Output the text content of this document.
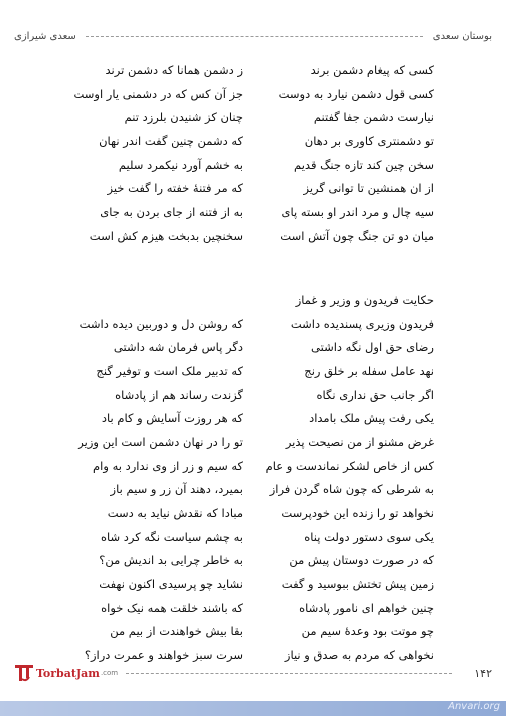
بوستان سعدی
سعدی شیرازی
کسی که پیغام دشمن برند
ز دشمن همانا که دشمن ترند
کسی قول دشمن نیارد به دوست
جز آن کس که در دشمنی یار اوست
نیارست دشمن جفا گفتنم
چنان کز شنیدن بلرزد تنم
تو دشمنتری کاوری بر دهان
که دشمن چنین گفت اندر نهان
سخن چین کند تازه جنگ قدیم
به خشم آورد نیکمرد سلیم
از ان همنشین تا توانی گریز
که مر فتنهٔ خفته را گفت خیز
سیه چال و مرد اندر او بسته پای
به از فتنه از جای بردن به جای
میان دو تن جنگ چون آتش است
سخنچین بدبخت هیزم کش است
حکایت فریدون و وزیر و غماز
فریدون وزیری پسندیده داشت
که روشن دل و دوربین دیده داشت
رضای حق اول نگه داشتی
دگر پاس فرمان شه داشتی
نهد عامل سفله بر خلق رنج
که تدبیر ملک است و توفیر گنج
اگر جانب حق نداری نگاه
گزندت رساند هم از پادشاه
یکی رفت پیش ملک بامداد
که هر روزت آسایش و کام باد
غرض مشنو از من نصیحت پذیر
تو را در نهان دشمن است این وزیر
کس از خاص لشکر نماندست و عام
که سیم و زر از وی ندارد به وام
به شرطی که چون شاه گردن فراز
بمیرد، دهند آن زر و سیم باز
نخواهد تو را زنده این خودپرست
مبادا که نقدش نیاید به دست
یکی سوی دستور دولت پناه
به چشم سیاست نگه کرد شاه
که در صورت دوستان پیش من
به خاطر چرایی بد اندیش من؟
زمین پیش تختش ببوسید و گفت
نشاید چو پرسیدی اکنون نهفت
چنین خواهم ای نامور پادشاه
که باشند خلقت همه نیک خواه
چو موتت بود وعدهٔ سیم من
بقا بیش خواهندت از بیم من
نخواهی که مردم به صدق و نیاز
سرت سبز خواهند و عمرت دراز؟
TorbatJam .com	۱۴۲
Anvari.org
